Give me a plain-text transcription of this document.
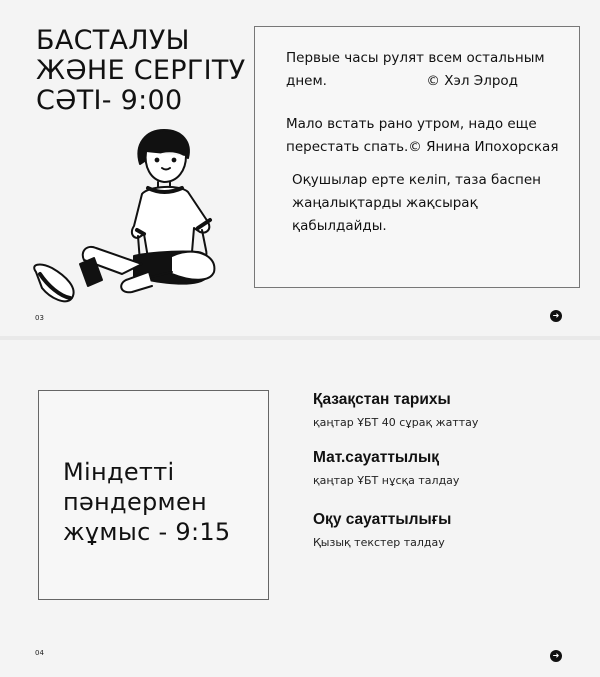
БАСТАЛУЫ
ЖӘНЕ СЕРГІТУ
СӘТІ- 9:00
Первые часы рулят всем остальным
днем.	© Хэл Элрод

Мало встать рано утром, надо еще перестать спать.© Янина Ипохорская

Оқушылар ерте келіп, таза баспен жаңалықтарды жақсырақ қабылдайды.

03	➜
Міндетті
пәндермен
жұмыс - 9:15
Қазақстан тарихы

қаңтар ҰБТ 40 сұрақ жаттау

Мат.сауаттылық

қаңтар ҰБТ нұсқа талдау

Оқу сауаттылығы

Қызық текстер талдау

04	➜
